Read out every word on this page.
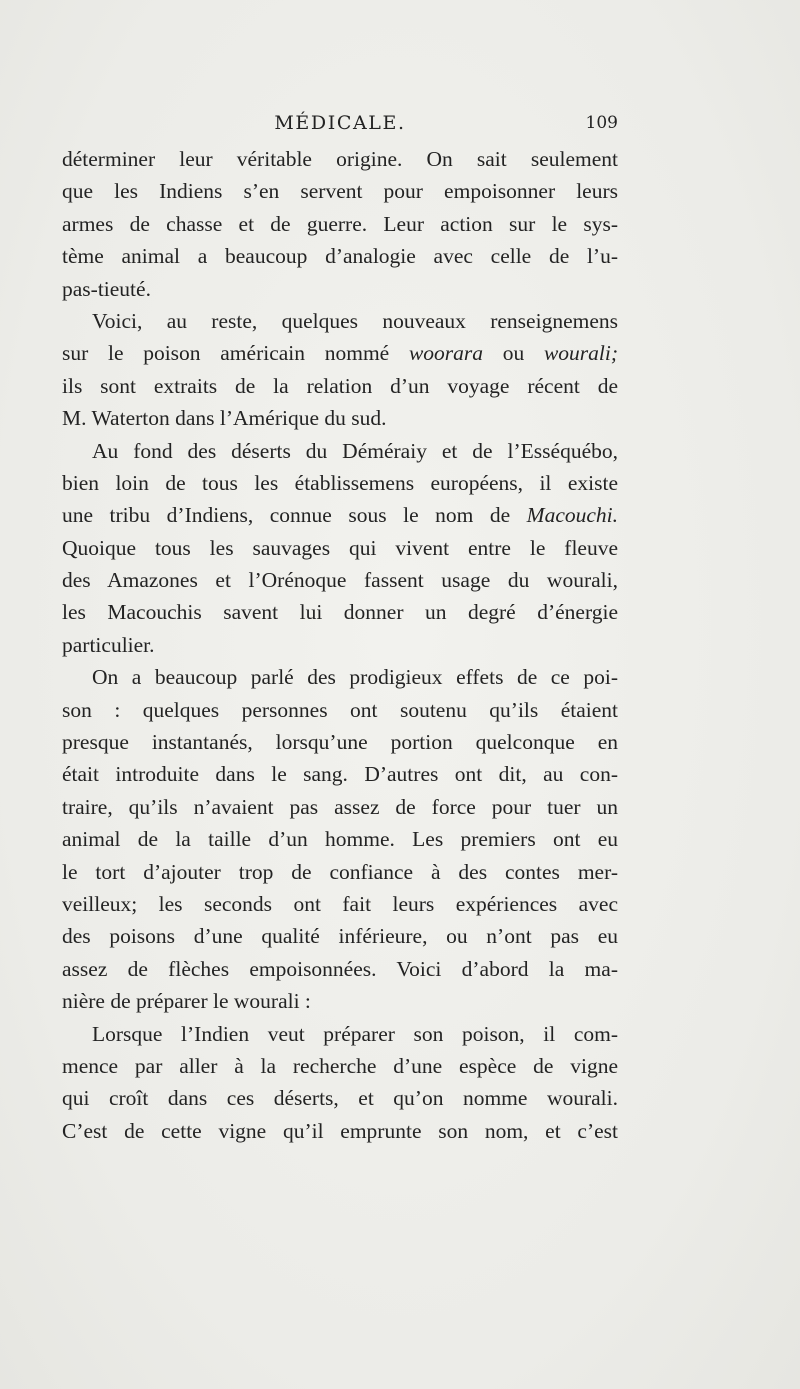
MÉDICALE.	109
déterminer leur véritable origine. On sait seulement
que les Indiens s’en servent pour empoisonner leurs
armes de chasse et de guerre. Leur action sur le sys-
tème animal a beaucoup d’analogie avec celle de l’u-
pas-tieuté.
Voici, au reste, quelques nouveaux renseignemens
sur le poison américain nommé woorara ou wourali;
ils sont extraits de la relation d’un voyage récent de
M. Waterton dans l’Amérique du sud.
Au fond des déserts du Déméraiy et de l’Esséquébo,
bien loin de tous les établissemens européens, il existe
une tribu d’Indiens, connue sous le nom de Macouchi.
Quoique tous les sauvages qui vivent entre le fleuve
des Amazones et l’Orénoque fassent usage du wourali,
les Macouchis savent lui donner un degré d’énergie
particulier.
On a beaucoup parlé des prodigieux effets de ce poi-
son : quelques personnes ont soutenu qu’ils étaient
presque instantanés, lorsqu’une portion quelconque en
était introduite dans le sang. D’autres ont dit, au con-
traire, qu’ils n’avaient pas assez de force pour tuer un
animal de la taille d’un homme. Les premiers ont eu
le tort d’ajouter trop de confiance à des contes mer-
veilleux; les seconds ont fait leurs expériences avec
des poisons d’une qualité inférieure, ou n’ont pas eu
assez de flèches empoisonnées. Voici d’abord la ma-
nière de préparer le wourali :
Lorsque l’Indien veut préparer son poison, il com-
mence par aller à la recherche d’une espèce de vigne
qui croît dans ces déserts, et qu’on nomme wourali.
C’est de cette vigne qu’il emprunte son nom, et c’est
